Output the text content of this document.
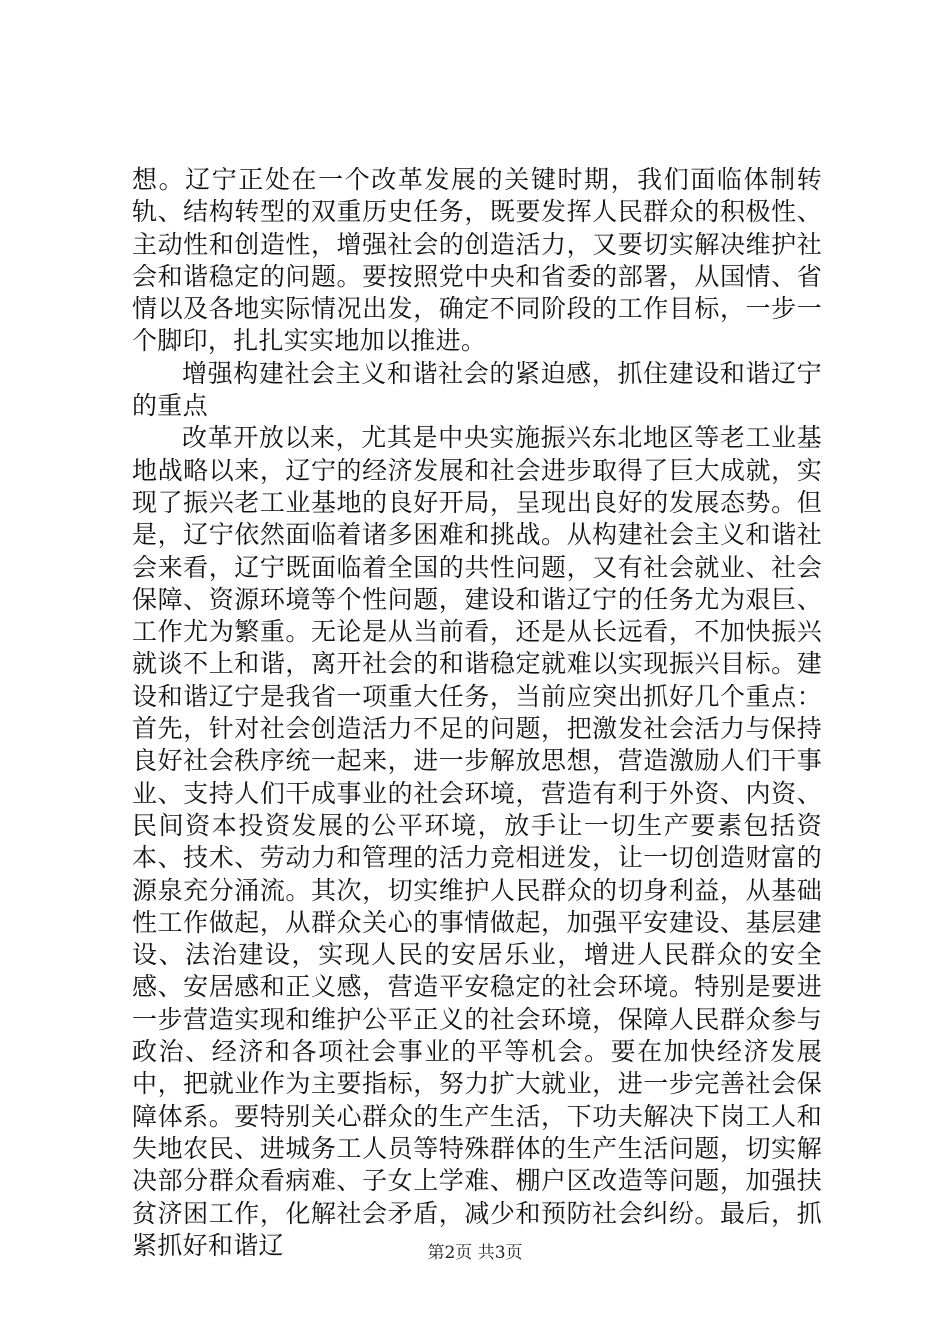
想。辽宁正处在一个改革发展的关键时期，我们面临体制转轨、结构转型的双重历史任务，既要发挥人民群众的积极性、主动性和创造性，增强社会的创造活力，又要切实解决维护社会和谐稳定的问题。要按照党中央和省委的部署，从国情、省情以及各地实际情况出发，确定不同阶段的工作目标，一步一个脚印，扎扎实实地加以推进。

增强构建社会主义和谐社会的紧迫感，抓住建设和谐辽宁的重点

改革开放以来，尤其是中央实施振兴东北地区等老工业基地战略以来，辽宁的经济发展和社会进步取得了巨大成就，实现了振兴老工业基地的良好开局，呈现出良好的发展态势。但是，辽宁依然面临着诸多困难和挑战。从构建社会主义和谐社会来看，辽宁既面临着全国的共性问题，又有社会就业、社会保障、资源环境等个性问题，建设和谐辽宁的任务尤为艰巨、工作尤为繁重。无论是从当前看，还是从长远看，不加快振兴就谈不上和谐，离开社会的和谐稳定就难以实现振兴目标。建设和谐辽宁是我省一项重大任务，当前应突出抓好几个重点：首先，针对社会创造活力不足的问题，把激发社会活力与保持良好社会秩序统一起来，进一步解放思想，营造激励人们干事业、支持人们干成事业的社会环境，营造有利于外资、内资、民间资本投资发展的公平环境，放手让一切生产要素包括资本、技术、劳动力和管理的活力竞相迸发，让一切创造财富的源泉充分涌流。其次，切实维护人民群众的切身利益，从基础性工作做起，从群众关心的事情做起，加强平安建设、基层建设、法治建设，实现人民的安居乐业，增进人民群众的安全感、安居感和正义感，营造平安稳定的社会环境。特别是要进一步营造实现和维护公平正义的社会环境，保障人民群众参与政治、经济和各项社会事业的平等机会。要在加快经济发展中，把就业作为主要指标，努力扩大就业，进一步完善社会保障体系。要特别关心群众的生产生活，下功夫解决下岗工人和失地农民、进城务工人员等特殊群体的生产生活问题，切实解决部分群众看病难、子女上学难、棚户区改造等问题，加强扶贫济困工作，化解社会矛盾，减少和预防社会纠纷。最后，抓紧抓好和谐辽	第2页 共3页
